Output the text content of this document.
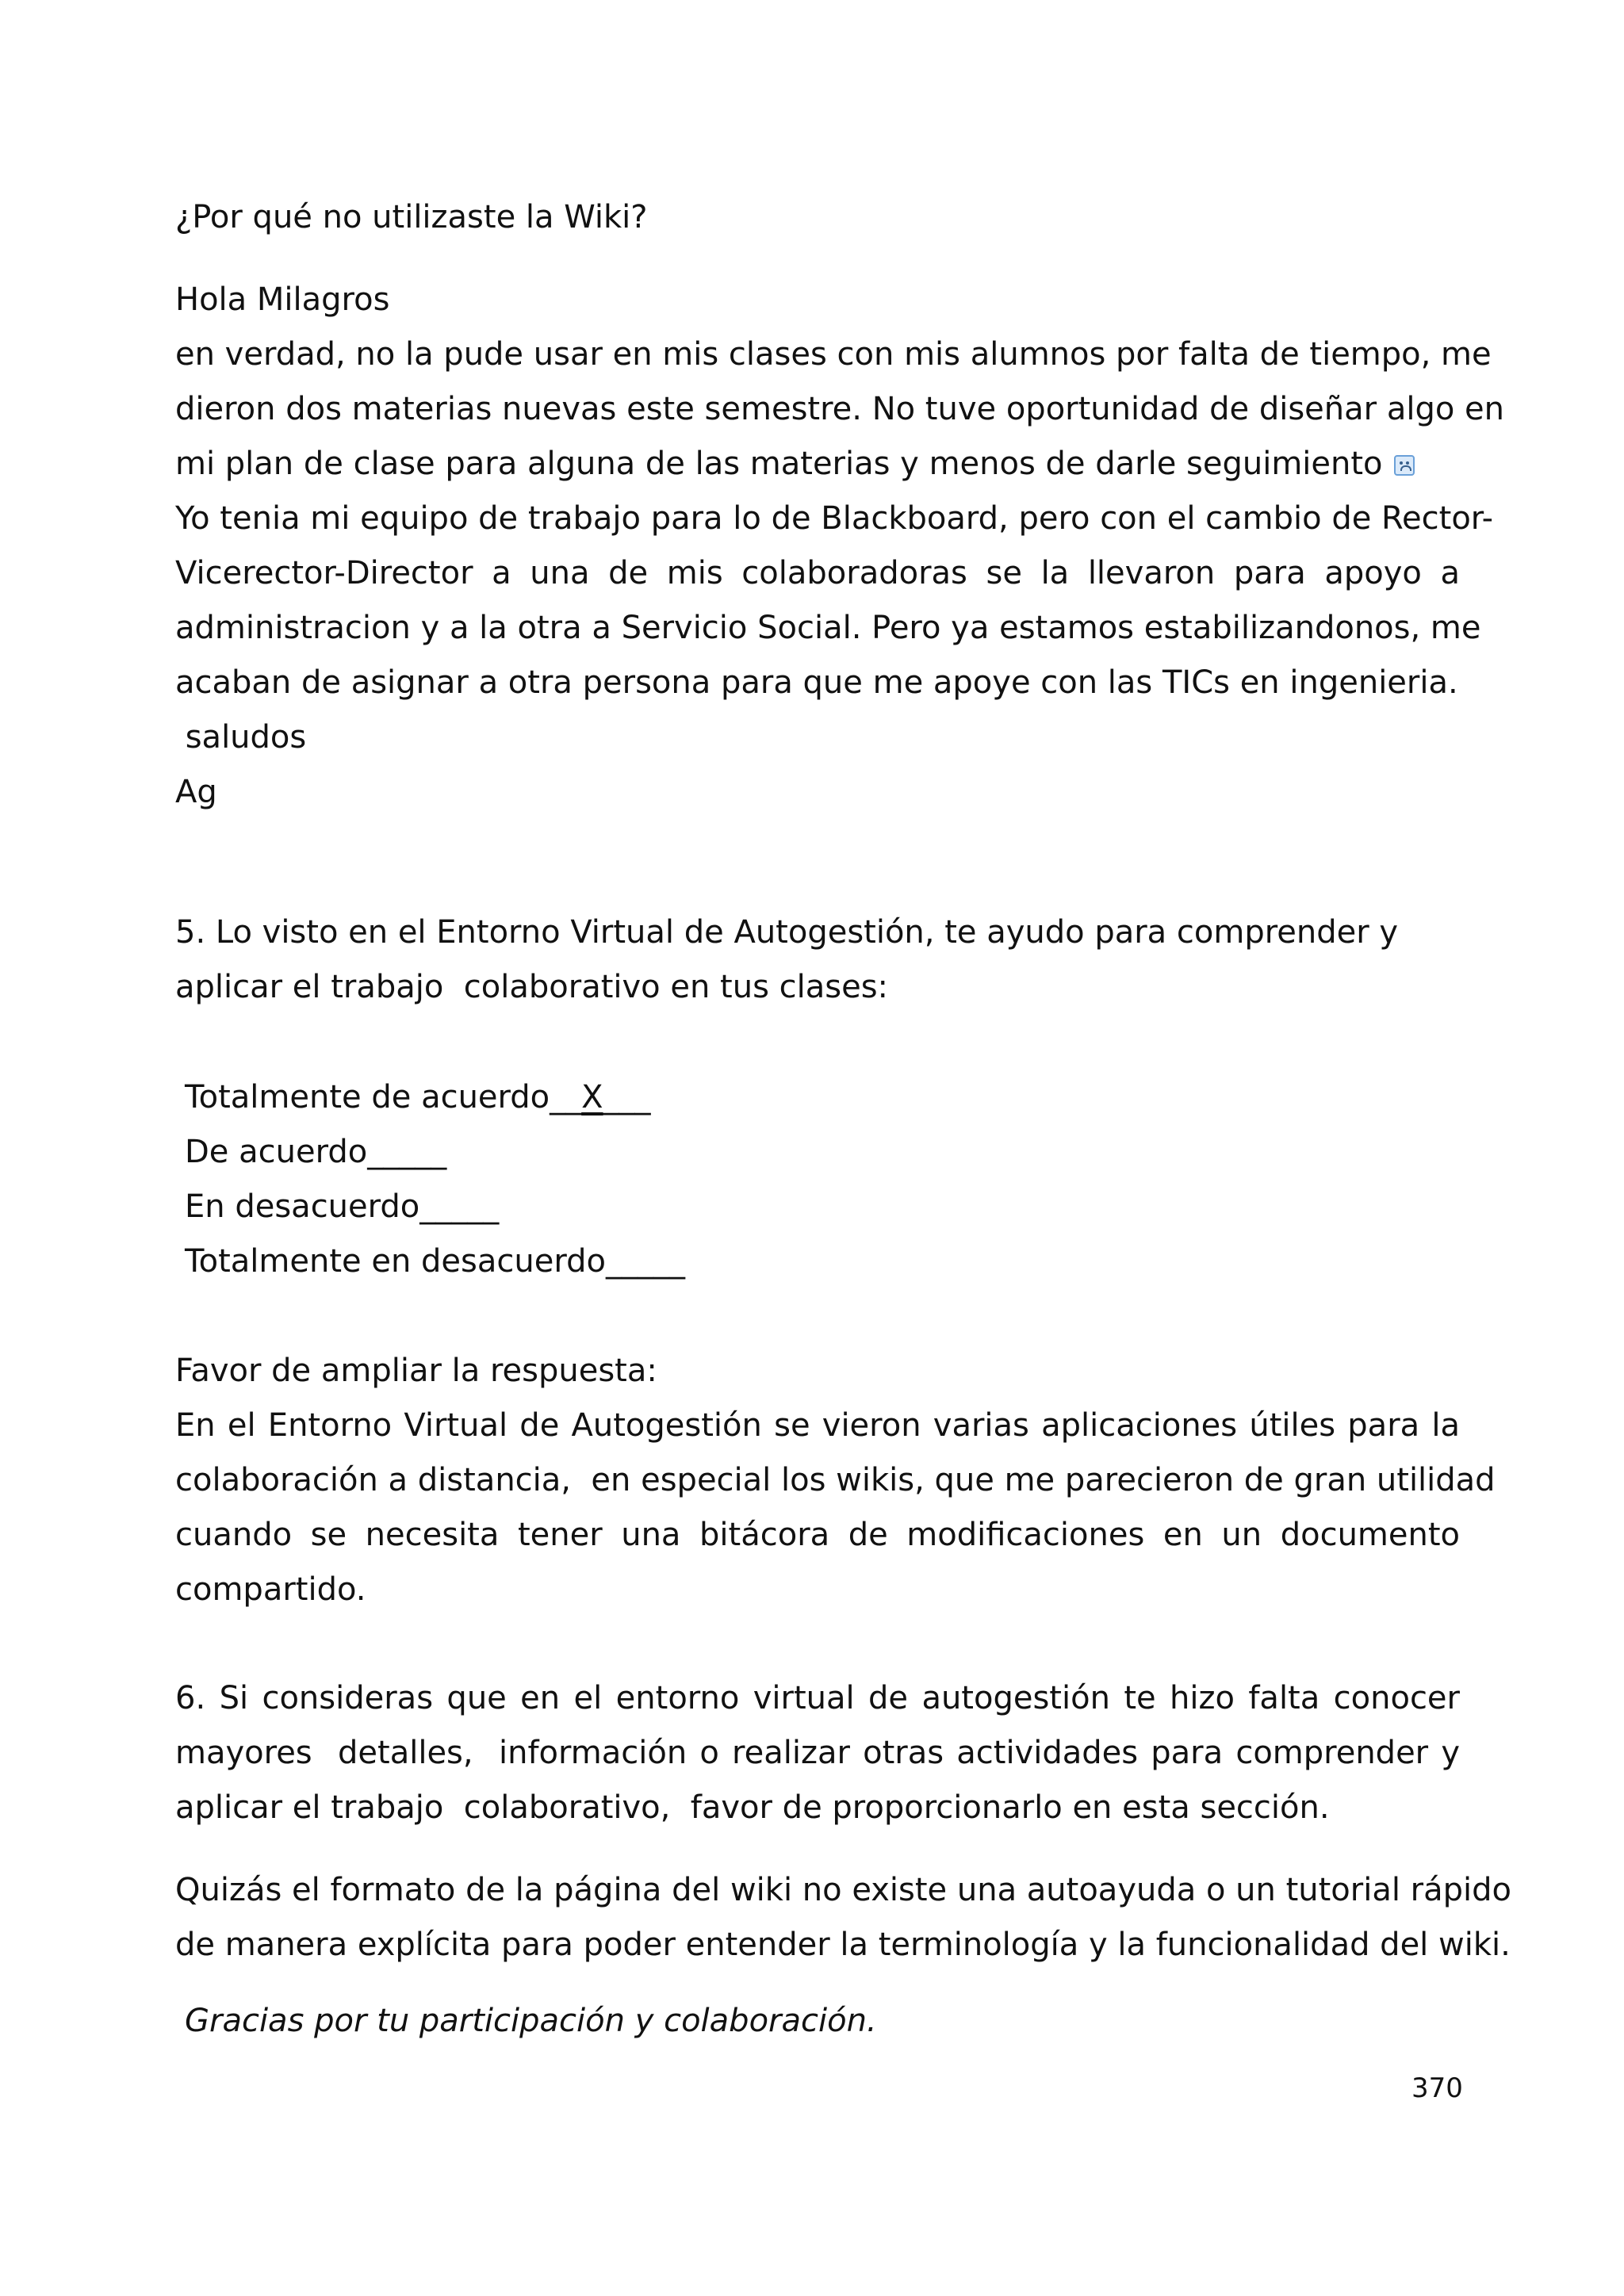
¿Por qué no utilizaste la Wiki?
Hola Milagros
en verdad, no la pude usar en mis clases con mis alumnos por falta de tiempo, me
dieron dos materias nuevas este semestre. No tuve oportunidad de diseñar algo en
mi plan de clase para alguna de las materias y menos de darle seguimiento
Yo tenia mi equipo de trabajo para lo de Blackboard, pero con el cambio de Rector-
Vicerector-Director a una de mis colaboradoras se la llevaron para apoyo a
administracion y a la otra a Servicio Social. Pero ya estamos estabilizandonos, me
acaban de asignar a otra persona para que me apoye con las TICs en ingenieria.
saludos
Ag
5. Lo visto en el Entorno Virtual de Autogestión, te ayudo para comprender y
aplicar el trabajo  colaborativo en tus clases:
Totalmente de acuerdo__X___
De acuerdo_____
En desacuerdo_____
Totalmente en desacuerdo_____
Favor de ampliar la respuesta:
En el Entorno Virtual de Autogestión se vieron varias aplicaciones útiles para la
colaboración a distancia,  en especial los wikis, que me parecieron de gran utilidad
cuando se necesita tener una bitácora de modificaciones en un documento
compartido.
6. Si consideras que en el entorno virtual de autogestión te hizo falta conocer
mayores  detalles,  información o realizar otras actividades para comprender y
aplicar el trabajo  colaborativo,  favor de proporcionarlo en esta sección.
Quizás el formato de la página del wiki no existe una autoayuda o un tutorial rápido
de manera explícita para poder entender la terminología y la funcionalidad del wiki.
Gracias por tu participación y colaboración.
370
